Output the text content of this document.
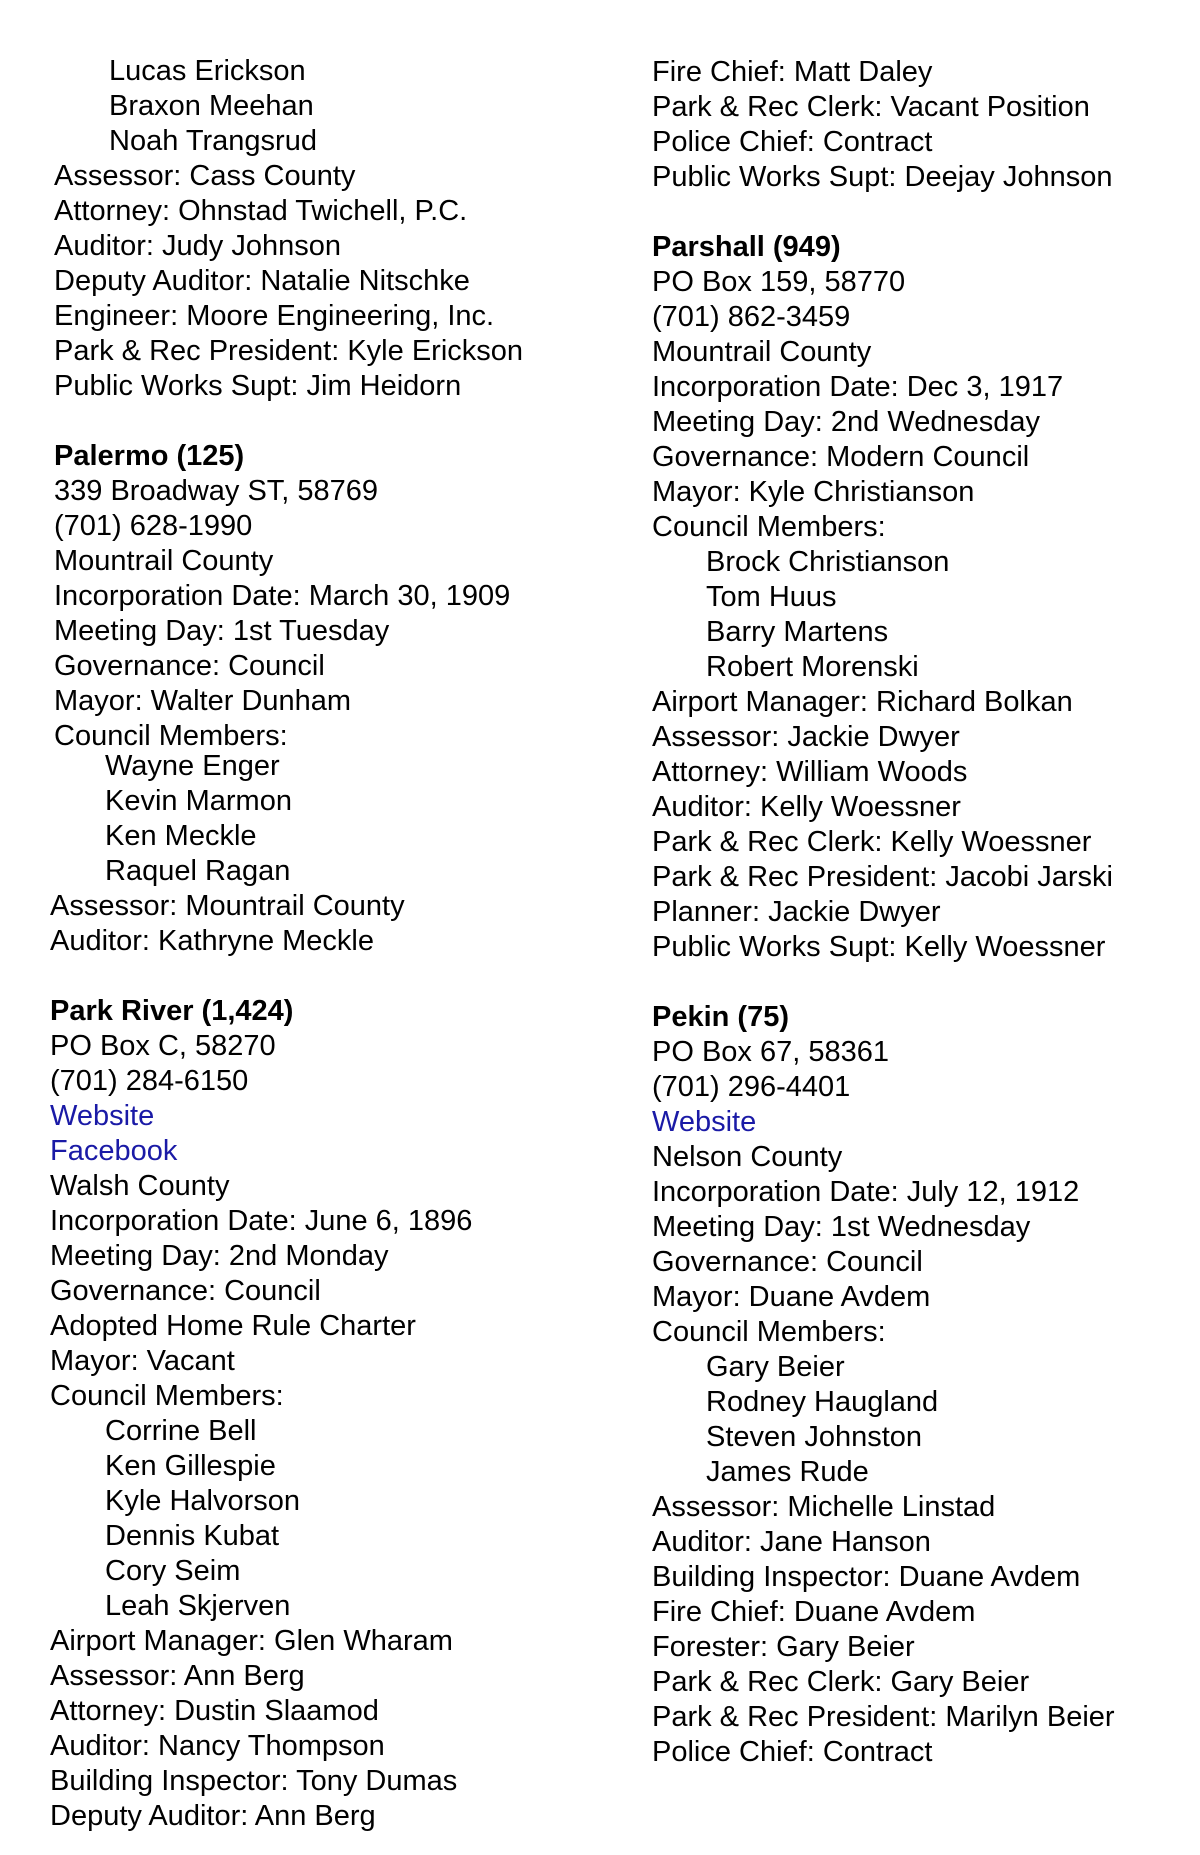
Lucas Erickson
Braxon Meehan
Noah Trangsrud
Assessor: Cass County
Attorney: Ohnstad Twichell, P.C.
Auditor: Judy Johnson
Deputy Auditor: Natalie Nitschke
Engineer: Moore Engineering, Inc.
Park & Rec President: Kyle Erickson
Public Works Supt: Jim Heidorn
Palermo (125)
339 Broadway ST, 58769
(701) 628-1990
Mountrail County
Incorporation Date: March 30, 1909
Meeting Day: 1st Tuesday
Governance: Council
Mayor: Walter Dunham
Council Members:
Wayne Enger
Kevin Marmon
Ken Meckle
Raquel Ragan
Assessor: Mountrail County
Auditor: Kathryne Meckle
Park River (1,424)
PO Box C, 58270
(701) 284-6150
Website
Facebook
Walsh County
Incorporation Date: June 6, 1896
Meeting Day: 2nd Monday
Governance: Council
Adopted Home Rule Charter
Mayor: Vacant
Council Members:
Corrine Bell
Ken Gillespie
Kyle Halvorson
Dennis Kubat
Cory Seim
Leah Skjerven
Airport Manager: Glen Wharam
Assessor: Ann Berg
Attorney: Dustin Slaamod
Auditor: Nancy Thompson
Building Inspector: Tony Dumas
Deputy Auditor: Ann Berg
Fire Chief: Matt Daley
Park & Rec Clerk: Vacant Position
Police Chief: Contract
Public Works Supt: Deejay Johnson
Parshall (949)
PO Box 159, 58770
(701) 862-3459
Mountrail County
Incorporation Date: Dec 3, 1917
Meeting Day: 2nd Wednesday
Governance: Modern Council
Mayor: Kyle Christianson
Council Members:
Brock Christianson
Tom Huus
Barry Martens
Robert Morenski
Airport Manager: Richard Bolkan
Assessor: Jackie Dwyer
Attorney: William Woods
Auditor: Kelly Woessner
Park & Rec Clerk: Kelly Woessner
Park & Rec President: Jacobi Jarski
Planner: Jackie Dwyer
Public Works Supt: Kelly Woessner
Pekin (75)
PO Box 67, 58361
(701) 296-4401
Website
Nelson County
Incorporation Date: July 12, 1912
Meeting Day: 1st Wednesday
Governance: Council
Mayor: Duane Avdem
Council Members:
Gary Beier
Rodney Haugland
Steven Johnston
James Rude
Assessor: Michelle Linstad
Auditor: Jane Hanson
Building Inspector: Duane Avdem
Fire Chief: Duane Avdem
Forester: Gary Beier
Park & Rec Clerk: Gary Beier
Park & Rec President: Marilyn Beier
Police Chief: Contract
